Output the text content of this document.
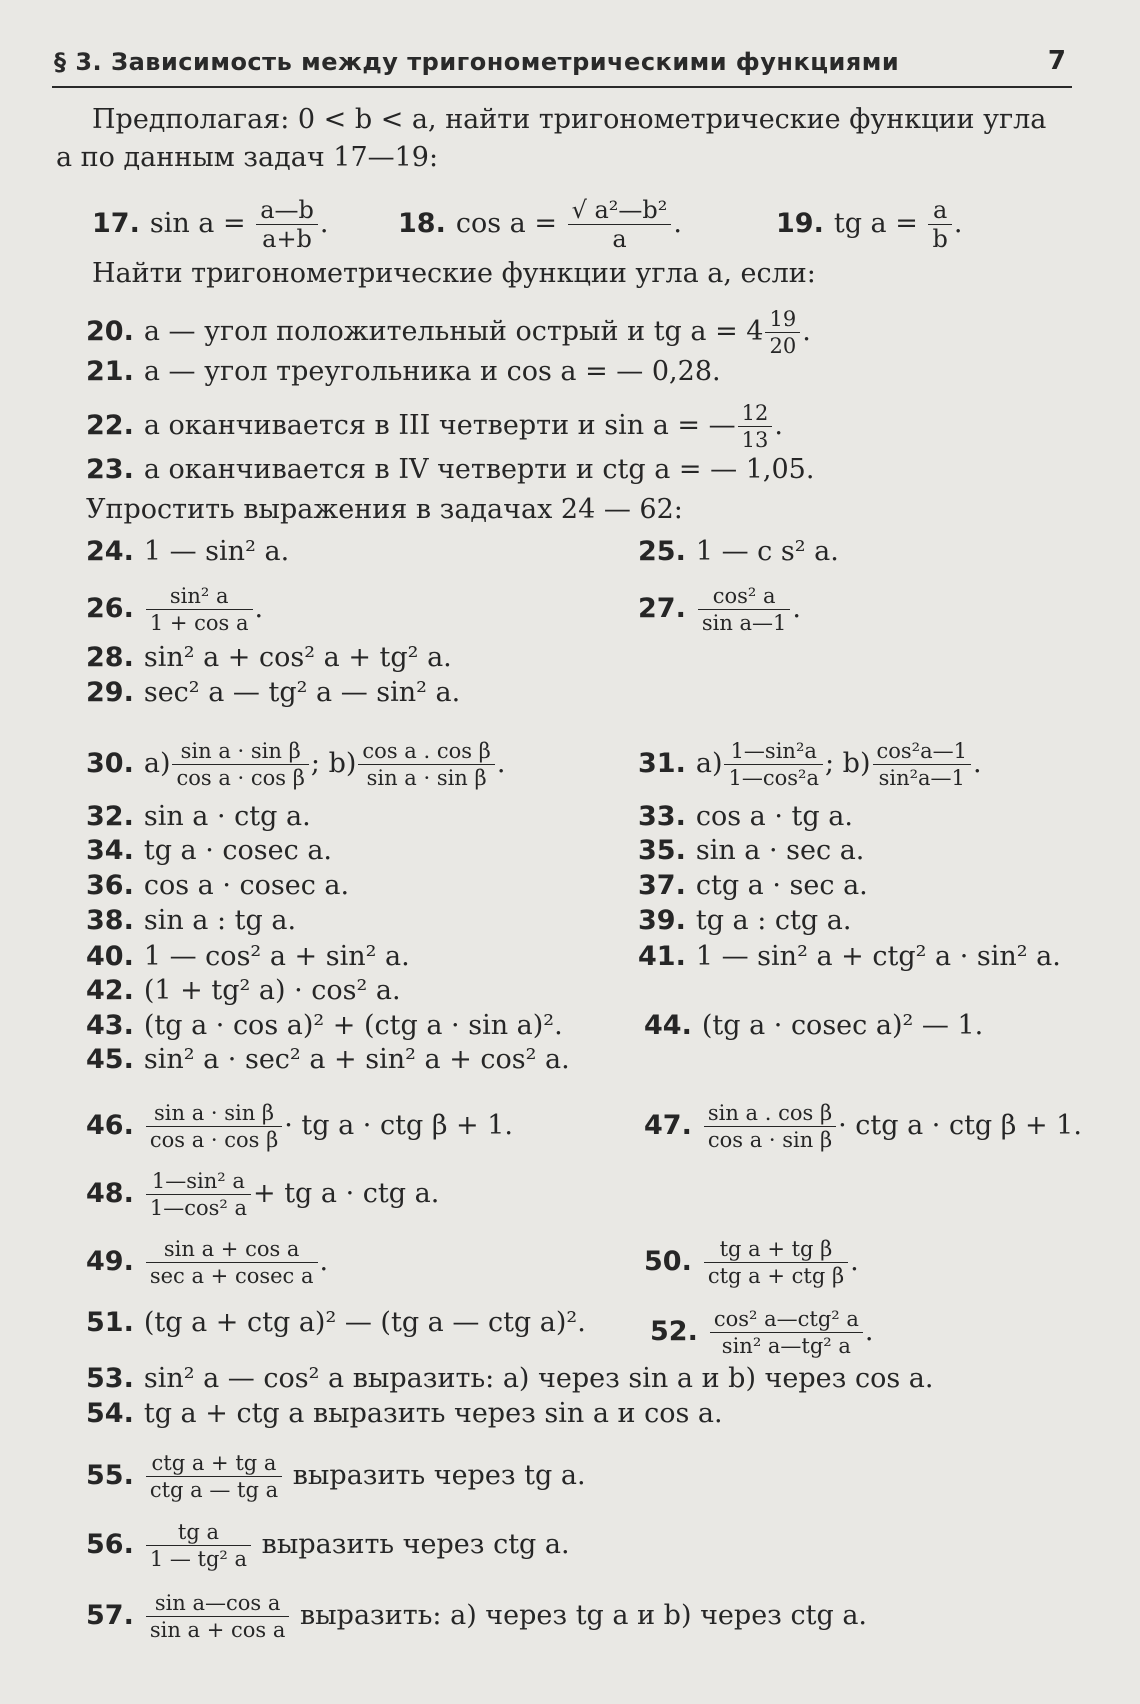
§ 3. Зависимость между тригонометрическими функциями	7
Предполагая: 0 < b < a, найти тригонометрические функции угла
a по данным задач 17—19:
17. $\sin a = \frac{a—b}{a+b}$ .	18. $\cos a = \frac{\text{√ a²—b²}}{a}$ .	19. tg $a = \frac{a}{b}$ .
Найти тригонометрические функции угла a, если:
20. a — угол положительный острый и tg $a = 4 \frac{19}{20}$ .
21. a — угол треугольника и cos a = — 0,28.
22. a оканчивается в III четверти и sin a = — $\frac{12}{13}$ .
23. a оканчивается в IV четверти и ctg a = — 1,05.
Упростить выражения в задачах 24 — 62:
24. 1 — sin² a.	25. 1 — c s² a.
26. $\frac{\text{sin² a}}{\text{1 + cos a}}$ .	27. $\frac{\text{cos² a}}{\text{sin a—1}}$ .
28. sin² a + cos² a + tg² a.
29. sec² a — tg² a — sin² a.
30. $a) \frac{\text{sin a · sin β}}{\text{cos a · cos β}}$ ; $b) \frac{\text{cos a . cos β}}{\text{sin a · sin β}}$ .	31. $a) \frac{\text{1—sin²a}}{\text{1—cos²a}}$ ; $b) \frac{\text{cos²a—1}}{\text{sin²a—1}}$ .
32. sin a · ctg a.	33. cos a · tg a.
34. tg a · cosec a.	35. sin a · sec a.
36. cos a · cosec a.	37. ctg a · sec a.
38. sin a : tg a.	39. tg a : ctg a.
40. 1 — cos² a + sin² a.	41. 1 — sin² a + ctg² a · sin² a.
42. (1 + tg² a) · cos² a.
43. (tg a · cos a)² + (ctg a · sin a)².	44. (tg a · cosec a)² — 1.
45. sin² a · sec² a + sin² a + cos² a.
46. $\frac{\text{sin a · sin β}}{\text{cos a · cos β}}$ · tg a · ctg β + 1.	47. $\frac{\text{sin a . cos β}}{\text{cos a · sin β}}$ · ctg a · ctg β + 1.
48. $\frac{\text{1—sin² a}}{\text{1—cos² a}}$ + tg a · ctg a.
49. $\frac{\text{sin a + cos a}}{\text{sec a + cosec a}}$ .	50. $\frac{\text{tg a + tg β}}{\text{ctg a + ctg β}}$ .
51. (tg a + ctg a)² — (tg a — ctg a)². 52. $\frac{\text{cos² a—ctg² a}}{\text{sin² a—tg² a}}$ .
53. sin² a — cos² a выразить: a) через sin a и b) через cos a.
54. tg a + ctg a выразить через sin a и cos a.
55. $\frac{\text{ctg a + tg a}}{\text{ctg a — tg a}}$ выразить через tg a.
56. $\frac{\text{tg a}}{\text{1 — tg² a}}$ выразить через ctg a.
57. $\frac{\text{sin a—cos a}}{\text{sin a + cos a}}$ выразить: a) через tg a и b) через ctg a.
